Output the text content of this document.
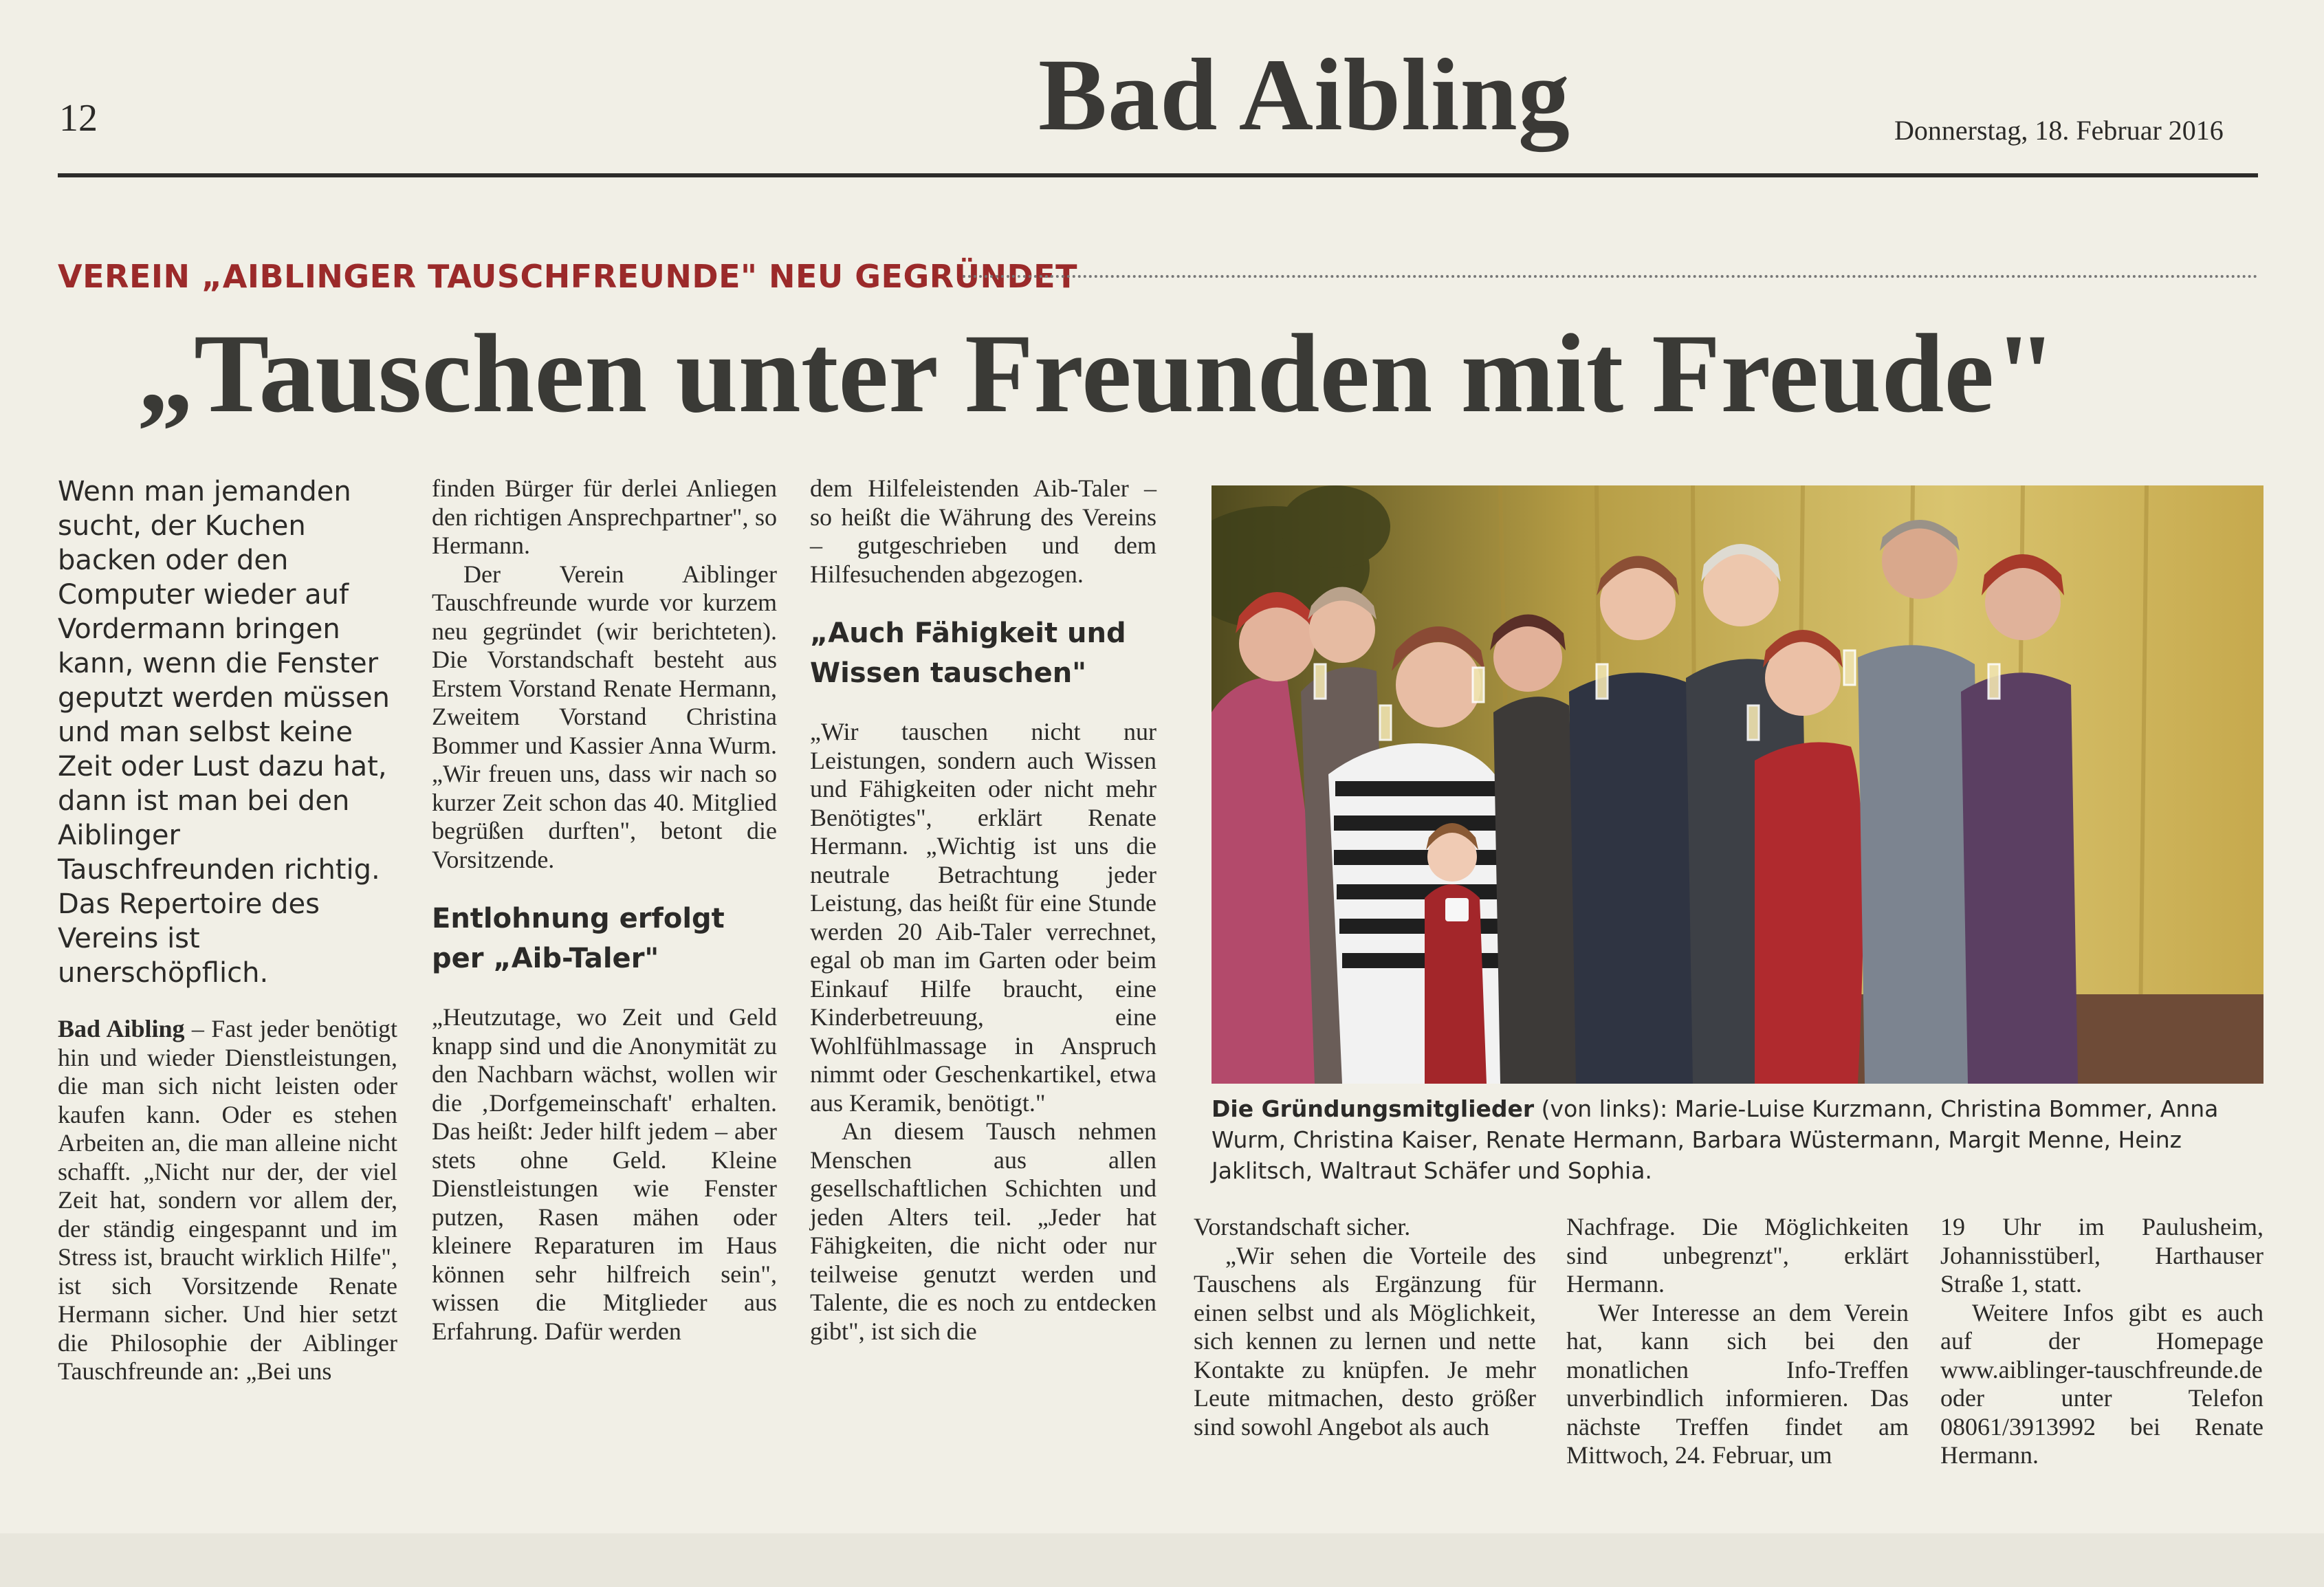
12	Bad Aibling	Donnerstag, 18. Februar 2016
VEREIN „AIBLINGER TAUSCHFREUNDE" NEU GEGRÜNDET
„Tauschen unter Freunden mit Freude"

Wenn man jemanden sucht, der Kuchen backen oder den Computer wieder auf Vordermann bringen kann, wenn die Fenster geputzt werden müssen und man selbst keine Zeit oder Lust dazu hat, dann ist man bei den Aiblinger Tauschfreunden richtig. Das Repertoire des Vereins ist unerschöpflich.

Bad Aibling – Fast jeder benötigt hin und wieder Dienstleistungen, die man sich nicht leisten oder kaufen kann. Oder es stehen Arbeiten an, die man alleine nicht schafft. „Nicht nur der, der viel Zeit hat, sondern vor allem der, der ständig eingespannt und im Stress ist, braucht wirklich Hilfe", ist sich Vorsitzende Renate Hermann sicher. Und hier setzt die Philosophie der Aiblinger Tauschfreunde an: „Bei uns

finden Bürger für derlei Anliegen den richtigen Ansprechpartner", so Hermann.

Der Verein Aiblinger Tauschfreunde wurde vor kurzem neu gegründet (wir berichteten). Die Vorstandschaft besteht aus Erstem Vorstand Renate Hermann, Zweitem Vorstand Christina Bommer und Kassier Anna Wurm. „Wir freuen uns, dass wir nach so kurzer Zeit schon das 40. Mitglied begrüßen durften", betont die Vorsitzende.

Entlohnung erfolgt per „Aib-Taler"

„Heutzutage, wo Zeit und Geld knapp sind und die Anonymität zu den Nachbarn wächst, wollen wir die ‚Dorfgemeinschaft' erhalten. Das heißt: Jeder hilft jedem – aber stets ohne Geld. Kleine Dienstleistungen wie Fenster putzen, Rasen mähen oder kleinere Reparaturen im Haus können sehr hilfreich sein", wissen die Mitglieder aus Erfahrung. Dafür werden

dem Hilfeleistenden Aib-Taler – so heißt die Währung des Vereins – gutgeschrieben und dem Hilfesuchenden abgezogen.

„Auch Fähigkeit und Wissen tauschen"

„Wir tauschen nicht nur Leistungen, sondern auch Wissen und Fähigkeiten oder nicht mehr Benötigtes", erklärt Renate Hermann. „Wichtig ist uns die neutrale Betrachtung jeder Leistung, das heißt für eine Stunde werden 20 Aib-Taler verrechnet, egal ob man im Garten oder beim Einkauf Hilfe braucht, eine Kinderbetreuung, eine Wohlfühlmassage in Anspruch nimmt oder Geschenkartikel, etwa aus Keramik, benötigt."

An diesem Tausch nehmen Menschen aus allen gesellschaftlichen Schichten und jeden Alters teil. „Jeder hat Fähigkeiten, die nicht oder nur teilweise genutzt werden und Talente, die es noch zu entdecken gibt", ist sich die

Die Gründungsmitglieder (von links): Marie-Luise Kurzmann, Christina Bommer, Anna Wurm, Christina Kaiser, Renate Hermann, Barbara Wüstermann, Margit Menne, Heinz Jaklitsch, Waltraut Schäfer und Sophia.

Vorstandschaft sicher.

„Wir sehen die Vorteile des Tauschens als Ergänzung für einen selbst und als Möglichkeit, sich kennen zu lernen und nette Kontakte zu knüpfen. Je mehr Leute mitmachen, desto größer sind sowohl Angebot als auch

Nachfrage. Die Möglichkeiten sind unbegrenzt", erklärt Hermann.

Wer Interesse an dem Verein hat, kann sich bei den monatlichen Info-Treffen unverbindlich informieren. Das nächste Treffen findet am Mittwoch, 24. Februar, um

19 Uhr im Paulusheim, Johannisstüberl, Harthauser Straße 1, statt.

Weitere Infos gibt es auch auf der Homepage www.aiblinger-tauschfreunde.de oder unter Telefon 08061/3913992 bei Renate Hermann.
